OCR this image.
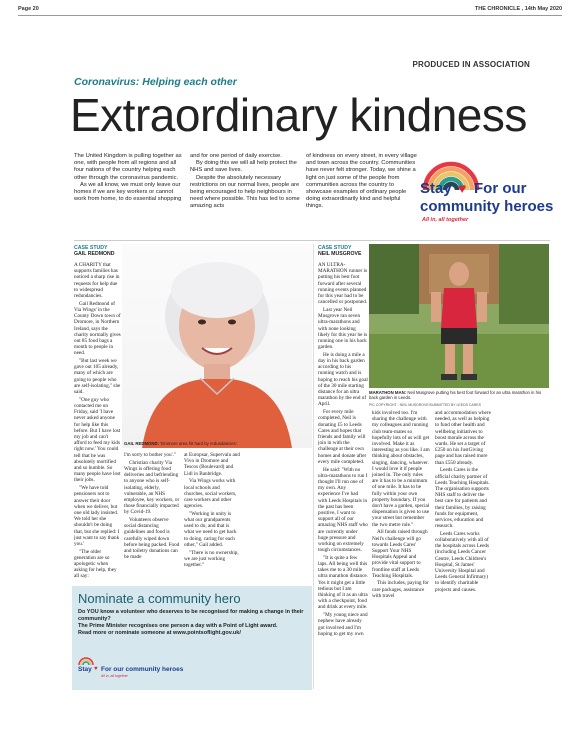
Page 20	THE CHRONICLE , 14th May 2020
PRODUCED IN ASSOCIATION
Coronavirus: Helping each other
Extraordinary kindness
The United Kingdom is pulling together as one, with people from all regions and all four nations of the country helping each other through the coronavirus pandemic.
As we all know, we must only leave our homes if we are key workers or cannot work from home, to do essential shopping
and for one period of daily exercise.
By doing this we will all help protect the NHS and save lives.
Despite the absolutely necessary restrictions on our normal lives, people are being encouraged to help neighbours in need where possible. This has led to some amazing acts
of kindness on every street, in every village and town across the country. Communities have never felt stronger. Today, we shine a light on just some of the people from communities across the country to showcase examples of ordinary people doing extraordinarily kind and helpful things.
Stay ♥ For our
community heroes
All in, all together
CASE STUDY
GAIL REDMOND

A CHARITY that supports families has noticed a sharp rise in requests for help due to widespread redundancies.

Gail Redmond of Via Wings' in the County Down town of Dromore, in Northern Ireland, says the charity normally gives out 85 food bags a month to people in need.

"But last week we gave out 105 already, many of which are going to people who are self-isolating," she said.

"One guy who contacted me on Friday, said 'I have never asked anyone for help like this before. But I have lost my job and can't afford to feed my kids right now.' You could tell that he was absolutely mortified and so humble. So many people have lost their jobs.

"We have told pensioners not to answer their door when we deliver, but one old lady insisted. We told her she shouldn't be doing that, but she replied: I just want to say thank you.'

"The older generation are so apologetic when asking for help, they all say:

GAIL REDMOND: 'Dromore area hit hard by redundancies'.

I'm sorry to bother you'."

Christian charity Via Wings is offering food deliveries and befriending to anyone who is self-isolating, elderly, vulnerable, an NHS employee, key workers, or those financially impacted by Covid-19.

Volunteers observe social distancing guidelines and food is carefully wiped down before being packed. Food and toiletry donations can be made

at Europsar, Supervalu and Vivo in Dromore and Tescos (Boulevard) and Lidl in Banbridge.

Via Wings works with local schools and churches, social workers, care workers and other agencies.

"Working in unity is what our grandparents used to do, and that is what we need to get back to doing, caring for each other," Gail added.

"There is no ownership, we are just working together."

CASE STUDY
NEIL MUSGROVE

AN ULTRA-MARATHON runner is putting his best foot forward after several running events planned for this year had to be cancelled or postponed.

Last year Neil Musgrove ran seven ultra-marathons and with none looking likely for this year he is running one in his back garden.

He is doing a mile a day in his back garden according to his running watch and is hoping to reach his goal of the 30 mile starting distance for an ultra marathon by the end of April.

For every mile completed, Neil is donating £5 to Leeds Cares and hopes that friends and family will join in with the challenge at their own homes and donate after every mile completed.

He said: "With no ultra-marathons to run I thought I'll run one of my own. Any experience I've had with Leeds Hospitals in the past has been positive, I want to support all of our amazing NHS staff who are currently under huge pressure and working on extremely tough circumstances.

"It is quite a few laps. All being well this takes me to a 30 mile ultra marathon distance. Yes it might get a little tedious but I am thinking of it as an ultra with a checkpoint, food and drink at every mile.

"My young niece and nephew have already got involved and I'm hoping to get my own

MARATHON MAN: Neil Musgrove putting his best foot forward for an ultra marathon in his back garden in Leeds.
PIC COPYRIGHT - NEIL MUSGROVE/SUBMITTED BY LEEDS CARES

kids involved too. I'm sharing the challenge with my colleagues and running club team-mates so hopefully lots of us will get involved. Make it as interesting as you like. I am thinking about obstacles, singing, dancing, whatever. I would love it if people joined in. The only rules are it has to be a minimum of one mile. It has to be fully within your own property boundary. If you don't have a garden, special dispensation is given to use your street but remember the two metre rule."

All funds raised through Neil's challenge will go towards Leeds Cares' Support Your NHS Hospitals Appeal and provide vital support to frontline staff at Leeds Teaching Hospitals.

This includes, paying for care packages, assistance with travel

and accommodation where needed, as well as helping to fund other health and wellbeing initiatives to boost morale across the wards. He set a target of £250 on his JustGiving page and has raised more than £550 already.

Leeds Cares is the official charity partner of Leeds Teaching Hospitals. The organisation supports NHS staff to deliver the best care for patients and their families, by raising funds for equipment, services, education and research.

Leeds Cares works collaboratively with all of the hospitals across Leeds (including Leeds Cancer Centre, Leeds Children's Hospital, St James' University Hospital and Leeds General Infirmary) to identify charitable projects and causes.

Nominate a community hero
Do YOU know a volunteer who deserves to be recognised for making a change in their community?
The Prime Minister recognises one person a day with a Point of Light award.
Read more or nominate someone at www.pointsoflight.gov.uk/
Stay ♥ For our community heroes
All in, all together
